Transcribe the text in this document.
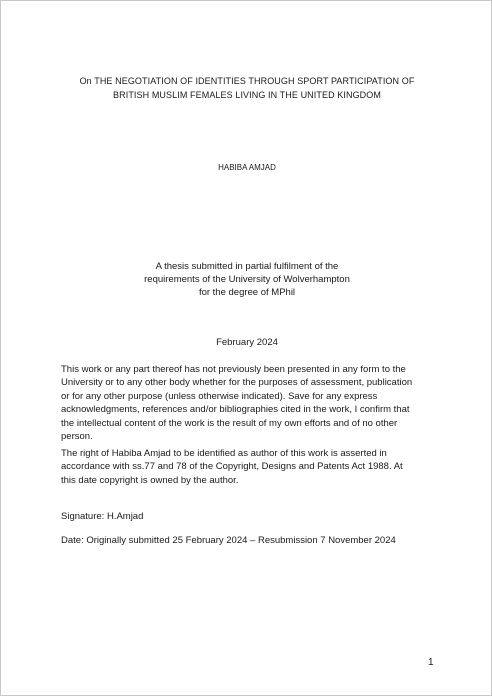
On THE NEGOTIATION OF IDENTITIES THROUGH SPORT PARTICIPATION OF
BRITISH MUSLIM FEMALES LIVING IN THE UNITED KINGDOM
HABIBA AMJAD
A thesis submitted in partial fulfilment of the
requirements of the University of Wolverhampton
for the degree of MPhil
February 2024
This work or any part thereof has not previously been presented in any form to the
University or to any other body whether for the purposes of assessment, publication
or for any other purpose (unless otherwise indicated). Save for any express
acknowledgments, references and/or bibliographies cited in the work, I confirm that
the intellectual content of the work is the result of my own efforts and of no other
person.
The right of Habiba Amjad to be identified as author of this work is asserted in
accordance with ss.77 and 78 of the Copyright, Designs and Patents Act 1988. At
this date copyright is owned by the author.
Signature: H.Amjad
Date: Originally submitted 25 February 2024 – Resubmission 7 November 2024
1
